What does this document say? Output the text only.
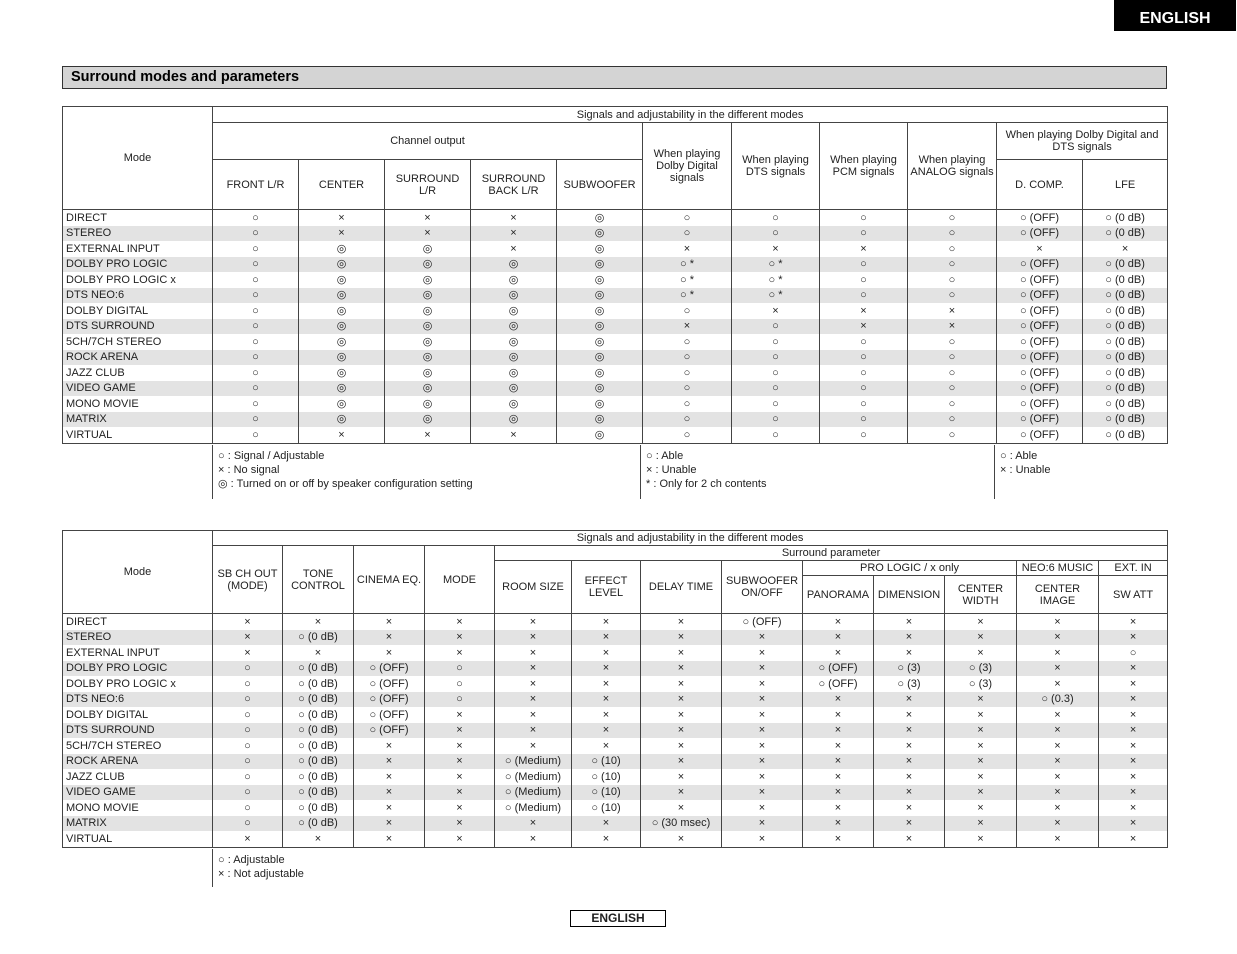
ENGLISH
Surround modes and parameters
Mode	Signals and adjustability in the different modes										
	Channel output					When playing Dolby Digital signals	When playing DTS signals	When playing PCM signals	When playing ANALOG signals	When playing Dolby Digital and DTS signals	
	FRONT L/R	CENTER	SURROUND L/R	SURROUND BACK L/R	SUBWOOFER					D. COMP.	LFE
DIRECT	○	×	×	×	◎	○	○	○	○	○ (OFF)	○ (0 dB)
STEREO	○	×	×	×	◎	○	○	○	○	○ (OFF)	○ (0 dB)
EXTERNAL INPUT	○	◎	◎	×	◎	×	×	×	○	×	×
DOLBY PRO LOGIC	○	◎	◎	◎	◎	○ *	○ *	○	○	○ (OFF)	○ (0 dB)
DOLBY PRO LOGIC x	○	◎	◎	◎	◎	○ *	○ *	○	○	○ (OFF)	○ (0 dB)
DTS NEO:6	○	◎	◎	◎	◎	○ *	○ *	○	○	○ (OFF)	○ (0 dB)
DOLBY DIGITAL	○	◎	◎	◎	◎	○	×	×	×	○ (OFF)	○ (0 dB)
DTS SURROUND	○	◎	◎	◎	◎	×	○	×	×	○ (OFF)	○ (0 dB)
5CH/7CH STEREO	○	◎	◎	◎	◎	○	○	○	○	○ (OFF)	○ (0 dB)
ROCK ARENA	○	◎	◎	◎	◎	○	○	○	○	○ (OFF)	○ (0 dB)
JAZZ CLUB	○	◎	◎	◎	◎	○	○	○	○	○ (OFF)	○ (0 dB)
VIDEO GAME	○	◎	◎	◎	◎	○	○	○	○	○ (OFF)	○ (0 dB)
MONO MOVIE	○	◎	◎	◎	◎	○	○	○	○	○ (OFF)	○ (0 dB)
MATRIX	○	◎	◎	◎	◎	○	○	○	○	○ (OFF)	○ (0 dB)
VIRTUAL	○	×	×	×	◎	○	○	○	○	○ (OFF)	○ (0 dB)
○ : Signal / Adjustable
× : No signal
◎ : Turned on or off by speaker configuration setting
○ : Able
× : Unable
* : Only for 2 ch contents
○ : Able
× : Unable
Mode	Signals and adjustability in the different modes												
	SB CH OUT (MODE)	TONE CONTROL	CINEMA EQ.	MODE	Surround parameter								
					ROOM SIZE	EFFECT LEVEL	DELAY TIME	SUBWOOFER ON/OFF	PRO LOGIC / x only			NEO:6 MUSIC	EXT. IN
									PANORAMA	DIMENSION	CENTER WIDTH	CENTER IMAGE	SW ATT
DIRECT	×	×	×	×	×	×	×	○ (OFF)	×	×	×	×	×
STEREO	×	○ (0 dB)	×	×	×	×	×	×	×	×	×	×	×
EXTERNAL INPUT	×	×	×	×	×	×	×	×	×	×	×	×	○
DOLBY PRO LOGIC	○	○ (0 dB)	○ (OFF)	○	×	×	×	×	○ (OFF)	○ (3)	○ (3)	×	×
DOLBY PRO LOGIC x	○	○ (0 dB)	○ (OFF)	○	×	×	×	×	○ (OFF)	○ (3)	○ (3)	×	×
DTS NEO:6	○	○ (0 dB)	○ (OFF)	○	×	×	×	×	×	×	×	○ (0.3)	×
DOLBY DIGITAL	○	○ (0 dB)	○ (OFF)	×	×	×	×	×	×	×	×	×	×
DTS SURROUND	○	○ (0 dB)	○ (OFF)	×	×	×	×	×	×	×	×	×	×
5CH/7CH STEREO	○	○ (0 dB)	×	×	×	×	×	×	×	×	×	×	×
ROCK ARENA	○	○ (0 dB)	×	×	○ (Medium)	○ (10)	×	×	×	×	×	×	×
JAZZ CLUB	○	○ (0 dB)	×	×	○ (Medium)	○ (10)	×	×	×	×	×	×	×
VIDEO GAME	○	○ (0 dB)	×	×	○ (Medium)	○ (10)	×	×	×	×	×	×	×
MONO MOVIE	○	○ (0 dB)	×	×	○ (Medium)	○ (10)	×	×	×	×	×	×	×
MATRIX	○	○ (0 dB)	×	×	×	×	○ (30 msec)	×	×	×	×	×	×
VIRTUAL	×	×	×	×	×	×	×	×	×	×	×	×	×
○ : Adjustable
× : Not adjustable
ENGLISH
